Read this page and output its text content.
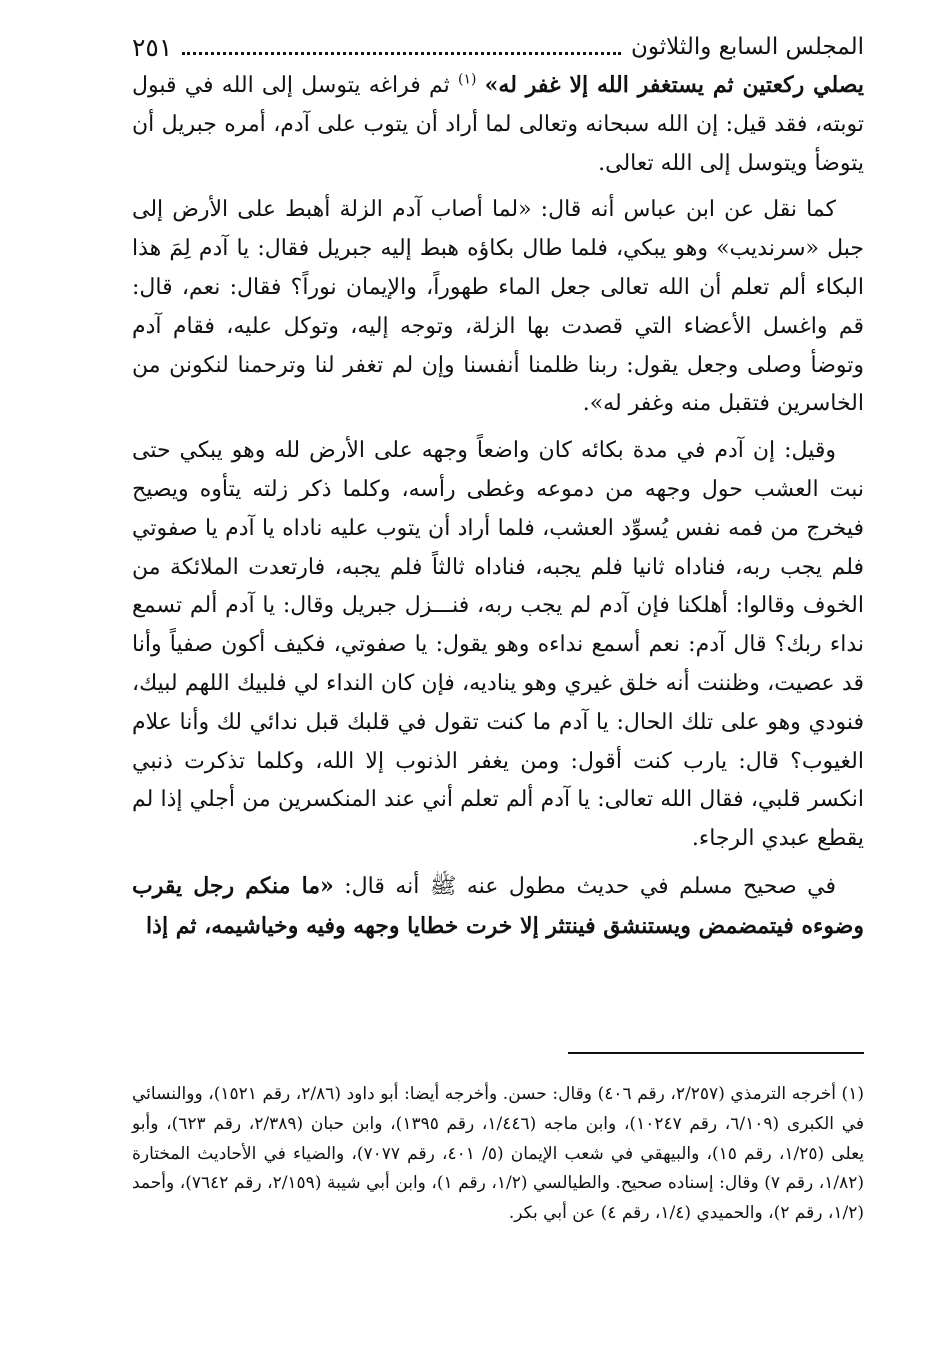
المجلس السابع والثلاثون
٢٥١

يصلي ركعتين ثم يستغفر الله إلا غفر له» $^{(١)}$ ثم فراغه يتوسل إلى الله في قبول توبته، فقد قيل: إن الله سبحانه وتعالى لما أراد أن يتوب على آدم، أمره جبريل أن يتوضأ ويتوسل إلى الله تعالى.

كما نقل عن ابن عباس أنه قال: «لما أصاب آدم الزلة أهبط على الأرض إلى جبل «سرنديب» وهو يبكي، فلما طال بكاؤه هبط إليه جبريل فقال: يا آدم لِمَ هذا البكاء ألم تعلم أن الله تعالى جعل الماء طهوراً، والإيمان نوراً؟ فقال: نعم، قال: قم واغسل الأعضاء التي قصدت بها الزلة، وتوجه إليه، وتوكل عليه، فقام آدم وتوضأ وصلى وجعل يقول: ربنا ظلمنا أنفسنا وإن لم تغفر لنا وترحمنا لنكونن من الخاسرين فتقبل منه وغفر له».

وقيل: إن آدم في مدة بكائه كان واضعاً وجهه على الأرض لله وهو يبكي حتى نبت العشب حول وجهه من دموعه وغطى رأسه، وكلما ذكر زلته يتأوه ويصيح فيخرج من فمه نفس يُسوِّد العشب، فلما أراد أن يتوب عليه ناداه يا آدم يا صفوتي فلم يجب ربه، فناداه ثانيا فلم يجبه، فناداه ثالثاً فلم يجبه، فارتعدت الملائكة من الخوف وقالوا: أهلكنا فإن آدم لم يجب ربه، فنـــزل جبريل وقال: يا آدم ألم تسمع نداء ربك؟ قال آدم: نعم أسمع نداءه وهو يقول: يا صفوتي، فكيف أكون صفياً وأنا قد عصيت، وظننت أنه خلق غيري وهو يناديه، فإن كان النداء لي فلبيك اللهم لبيك، فنودي وهو على تلك الحال: يا آدم ما كنت تقول في قلبك قبل ندائي لك وأنا علام الغيوب؟ قال: يارب كنت أقول: ومن يغفر الذنوب إلا الله، وكلما تذكرت ذنبي انكسر قلبي، فقال الله تعالى: يا آدم ألم تعلم أني عند المنكسرين من أجلي إذا لم يقطع عبدي الرجاء.

في صحيح مسلم في حديث مطول عنه ﷺ أنه قال: «ما منكم رجل يقرب وضوءه فيتمضمض ويستنشق فينتثر إلا خرت خطايا وجهه وفيه وخياشيمه، ثم إذا

(١) أخرجه الترمذي (٢/٢٥٧، رقم ٤٠٦) وقال: حسن. وأخرجه أيضا: أبو داود (٢/٨٦، رقم ١٥٢١)، ووالنسائي في الكبرى (٦/١٠٩، رقم ١٠٢٤٧)، وابن ماجه (١/٤٤٦، رقم ١٣٩٥)، وابن حبان (٢/٣٨٩، رقم ٦٢٣)، وأبو يعلى (١/٢٥، رقم ١٥)، والبيهقي في شعب الإيمان (٥/ ٤٠١، رقم ٧٠٧٧)، والضياء في الأحاديث المختارة (١/٨٢، رقم ٧) وقال: إسناده صحيح. والطيالسي (١/٢، رقم ١)، وابن أبي شيبة (٢/١٥٩، رقم ٧٦٤٢)، وأحمد (١/٢، رقم ٢)، والحميدي (١/٤، رقم ٤) عن أبي بكر.
